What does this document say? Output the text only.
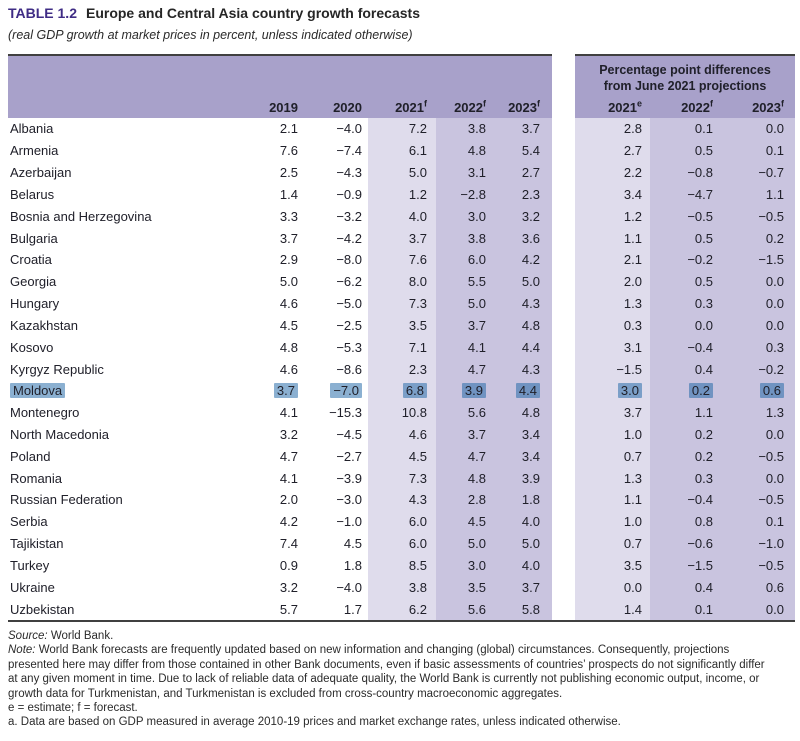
TABLE 1.2 Europe and Central Asia country growth forecasts
(real GDP growth at market prices in percent, unless indicated otherwise)
2019	2020	2021$^f$	2022$^f$	2023$^f$
Percentage point differences
from June 2021 projections
2021e	2022$^f$	2023$^f$
Albania	2.1	−4.0	7.2	3.8	3.7	2.8	0.1	0.0
Armenia	7.6	−7.4	6.1	4.8	5.4	2.7	0.5	0.1
Azerbaijan	2.5	−4.3	5.0	3.1	2.7	2.2	−0.8	−0.7
Belarus	1.4	−0.9	1.2	−2.8	2.3	3.4	−4.7	1.1
Bosnia and Herzegovina	3.3	−3.2	4.0	3.0	3.2	1.2	−0.5	−0.5
Bulgaria	3.7	−4.2	3.7	3.8	3.6	1.1	0.5	0.2
Croatia	2.9	−8.0	7.6	6.0	4.2	2.1	−0.2	−1.5
Georgia	5.0	−6.2	8.0	5.5	5.0	2.0	0.5	0.0
Hungary	4.6	−5.0	7.3	5.0	4.3	1.3	0.3	0.0
Kazakhstan	4.5	−2.5	3.5	3.7	4.8	0.3	0.0	0.0
Kosovo	4.8	−5.3	7.1	4.1	4.4	3.1	−0.4	0.3
Kyrgyz Republic	4.6	−8.6	2.3	4.7	4.3	−1.5	0.4	−0.2
Moldova	3.7	−7.0	6.8	3.9	4.4	3.0	0.2	0.6
Montenegro	4.1 −15.3	10.8	5.6	4.8	3.7	1.1	1.3
North Macedonia	3.2	−4.5	4.6	3.7	3.4	1.0	0.2	0.0
Poland	4.7	−2.7	4.5	4.7	3.4	0.7	0.2	−0.5
Romania	4.1	−3.9	7.3	4.8	3.9	1.3	0.3	0.0
Russian Federation	2.0	−3.0	4.3	2.8	1.8	1.1	−0.4	−0.5
Serbia	4.2	−1.0	6.0	4.5	4.0	1.0	0.8	0.1
Tajikistan	7.4	4.5	6.0	5.0	5.0	0.7	−0.6	−1.0
Turkey	0.9	1.8	8.5	3.0	4.0	3.5	−1.5	−0.5
Ukraine	3.2	−4.0	3.8	3.5	3.7	0.0	0.4	0.6
Uzbekistan	5.7	1.7	6.2	5.6	5.8	1.4	0.1	0.0

Source: World Bank.

Note: World Bank forecasts are frequently updated based on new information and changing (global) circumstances. Consequently, projections presented here may differ from those contained in other Bank documents, even if basic assessments of countries’ prospects do not significantly differ at any given moment in time. Due to lack of reliable data of adequate quality, the World Bank is currently not publishing economic output, income, or growth data for Turkmenistan, and Turkmenistan is excluded from cross-country macroeconomic aggregates.

e = estimate; f = forecast.

a. Data are based on GDP measured in average 2010-19 prices and market exchange rates, unless indicated otherwise.
